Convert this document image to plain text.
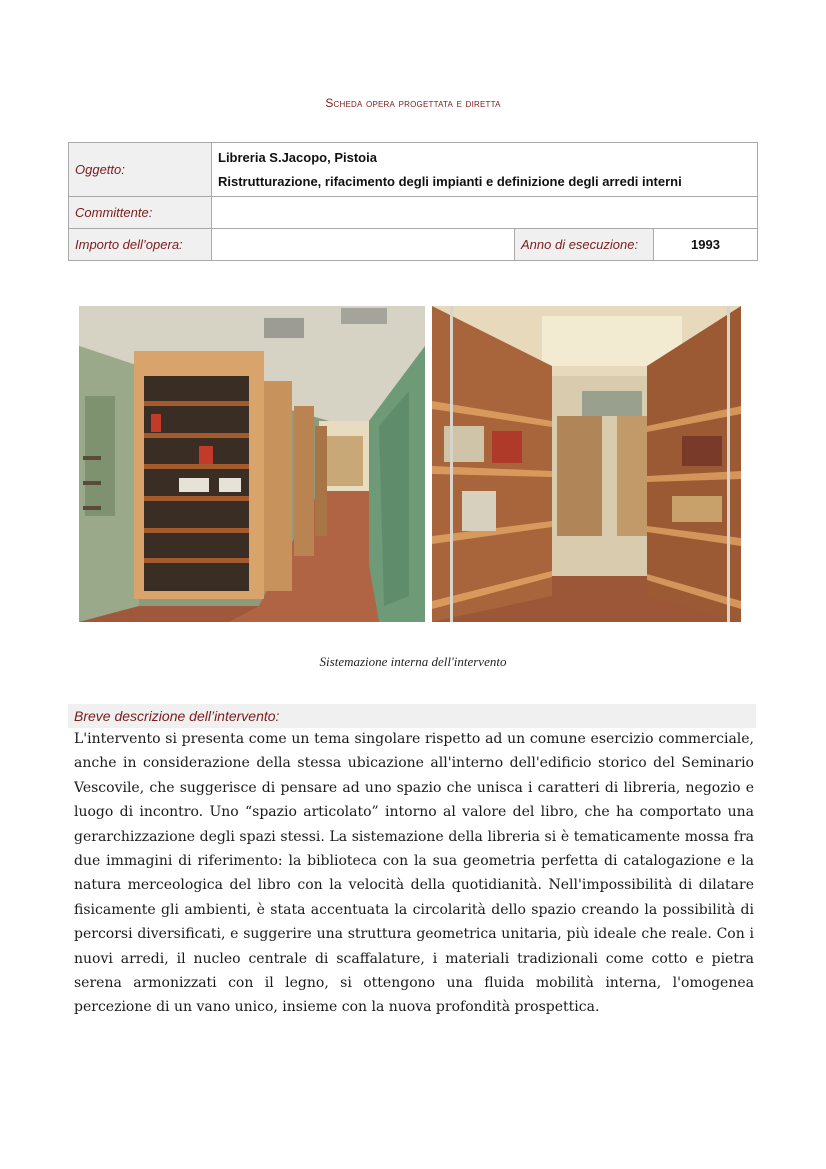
Scheda opera progettata e diretta
Oggetto:	Libreria S.Jacopo, Pistoia
Ristrutturazione, rifacimento degli impianti e definizione degli arredi interni		

Committente:			
Importo dell’opera:		Anno di esecuzione:	1993
Sistemazione interna dell'intervento
Breve descrizione dell’intervento:
L'intervento si presenta come un tema singolare rispetto ad un comune esercizio commerciale, anche in considerazione della stessa ubicazione all'interno dell'edificio storico del Seminario Vescovile, che suggerisce di pensare ad uno spazio che unisca i caratteri di libreria, negozio e luogo di incontro. Uno “spazio articolato” intorno al valore del libro, che ha comportato una gerarchizzazione degli spazi stessi. La sistemazione della libreria si è tematicamente mossa fra due immagini di riferimento: la biblioteca con la sua geometria perfetta di catalogazione e la natura merceologica del libro con la velocità della quotidianità. Nell'impossibilità di dilatare fisicamente gli ambienti, è stata accentuata la circolarità dello spazio creando la possibilità di percorsi diversificati, e suggerire una struttura geometrica unitaria, più ideale che reale. Con i nuovi arredi, il nucleo centrale di scaffalature, i materiali tradizionali come cotto e pietra serena armonizzati con il legno, si ottengono una fluida mobilità interna, l'omogenea percezione di un vano unico, insieme con la nuova profondità prospettica.
